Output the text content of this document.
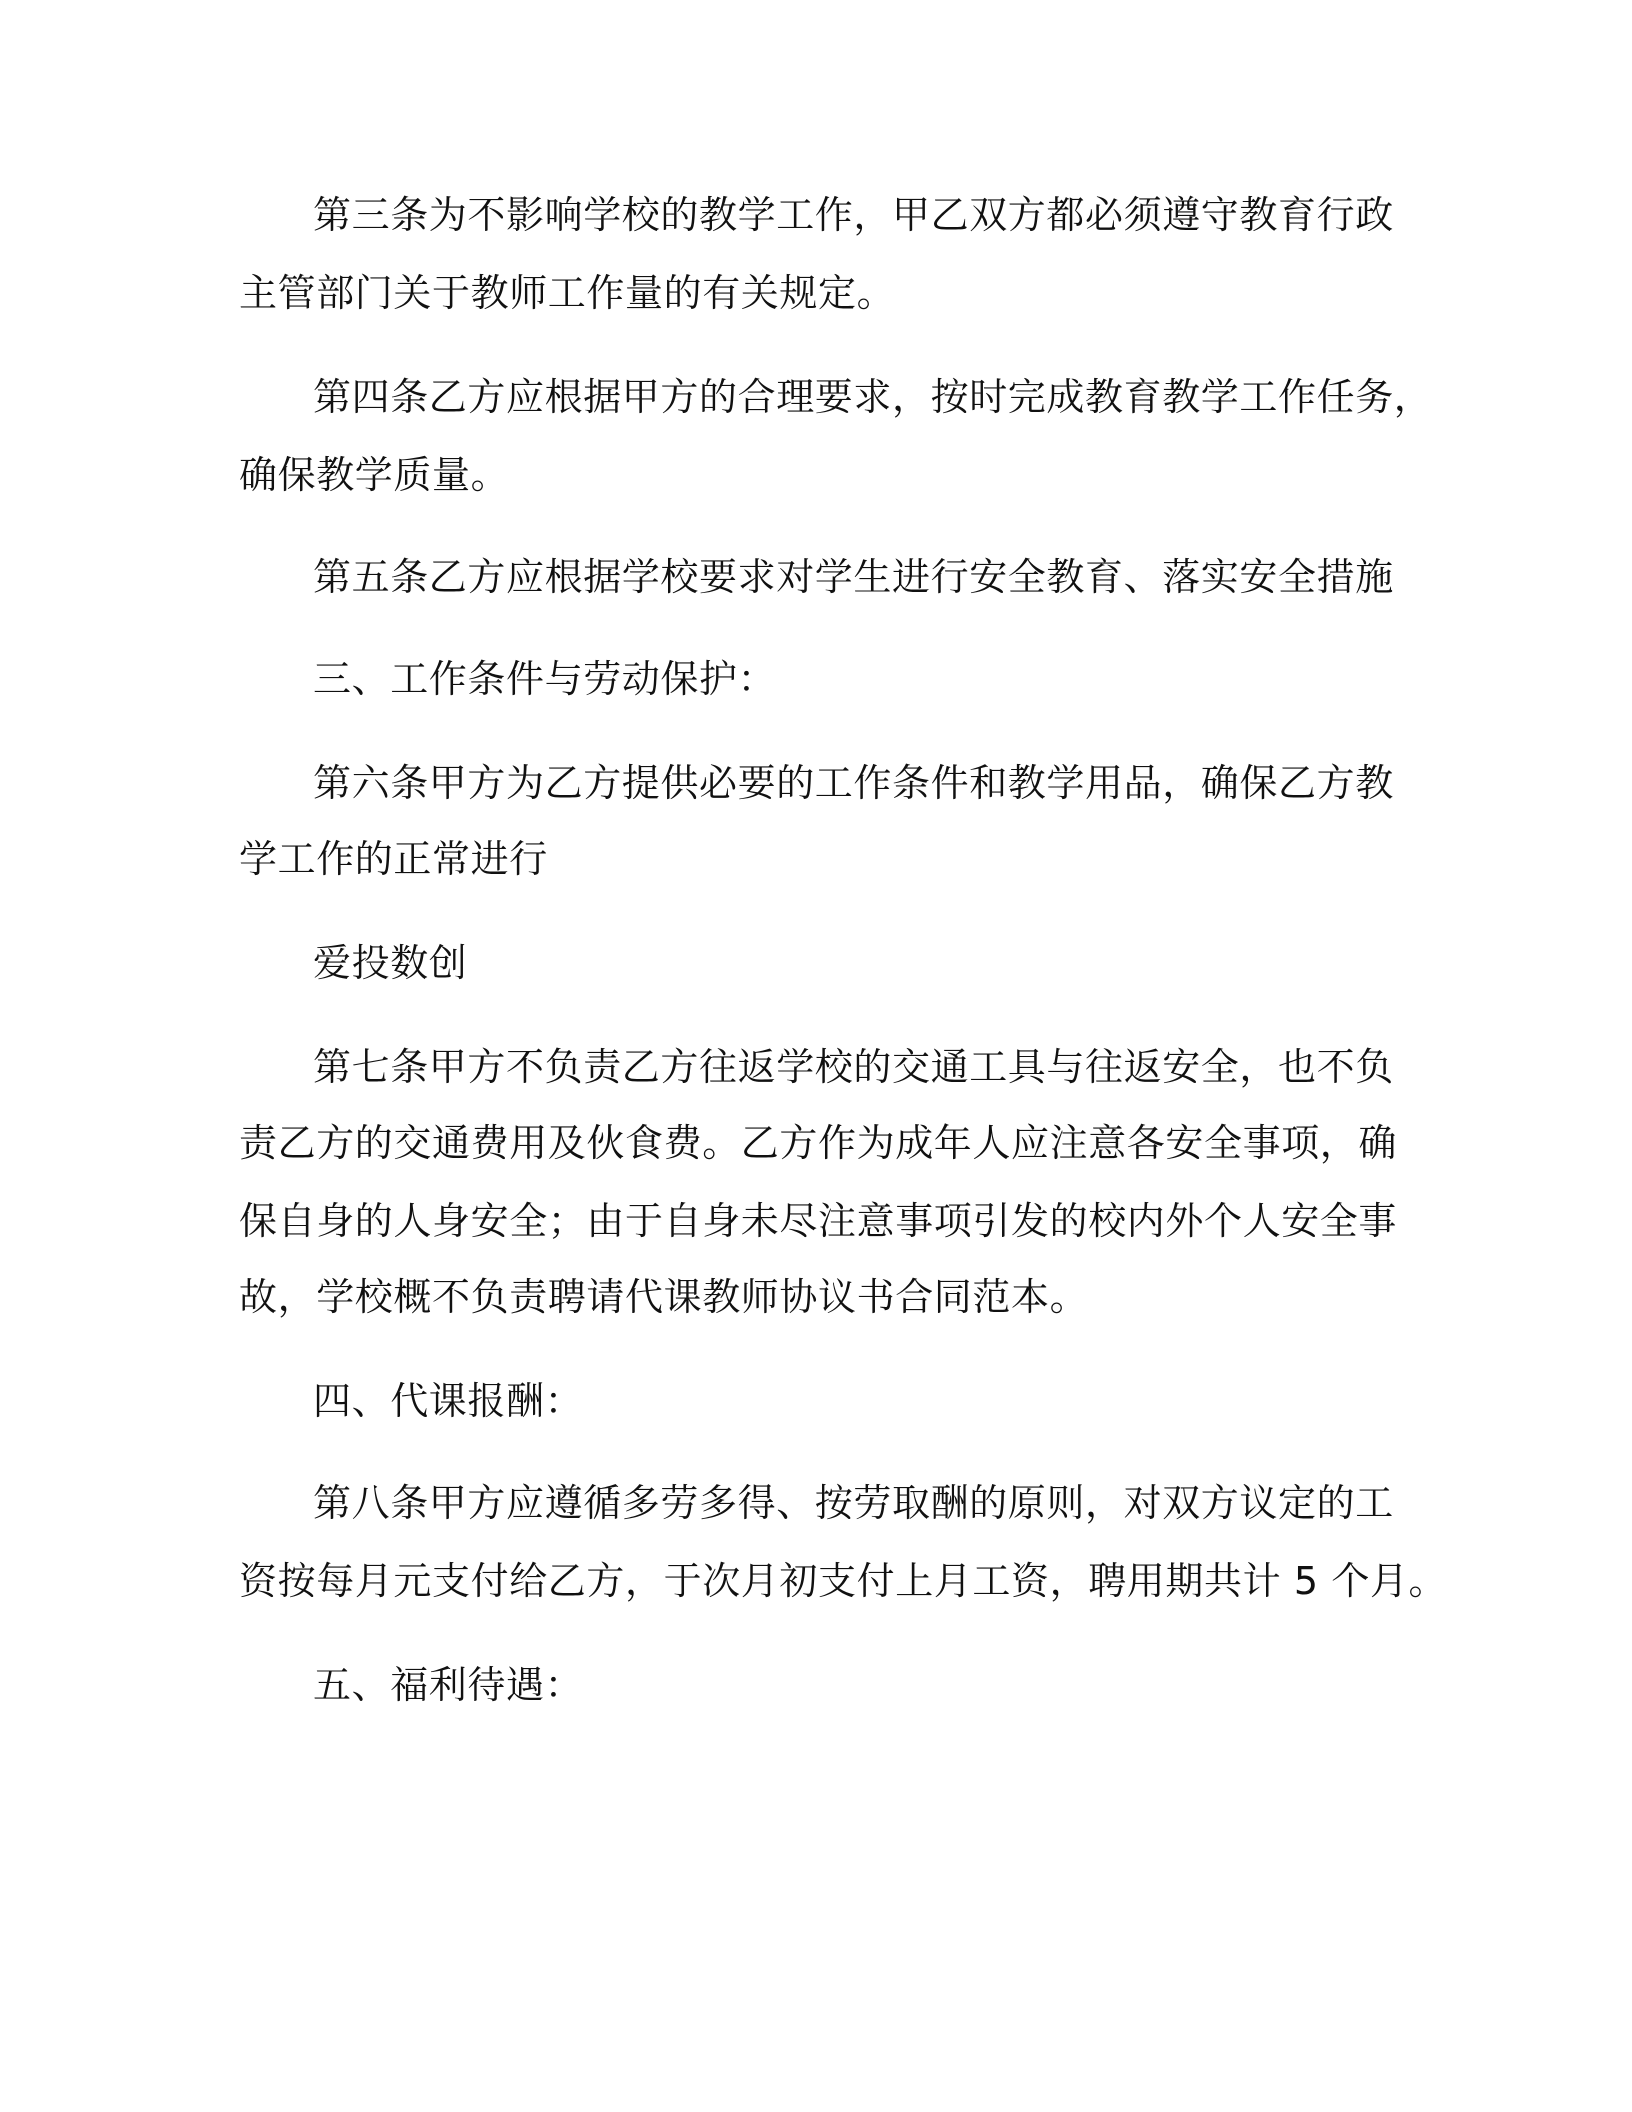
第三条为不影响学校的教学工作，甲乙双方都必须遵守教育行政
主管部门关于教师工作量的有关规定。
第四条乙方应根据甲方的合理要求，按时完成教育教学工作任务，
确保教学质量。
第五条乙方应根据学校要求对学生进行安全教育、落实安全措施
三、工作条件与劳动保护：
第六条甲方为乙方提供必要的工作条件和教学用品，确保乙方教
学工作的正常进行
爱投数创
第七条甲方不负责乙方往返学校的交通工具与往返安全，也不负
责乙方的交通费用及伙食费。乙方作为成年人应注意各安全事项，确
保自身的人身安全；由于自身未尽注意事项引发的校内外个人安全事
故，学校概不负责聘请代课教师协议书合同范本。
四、代课报酬：
第八条甲方应遵循多劳多得、按劳取酬的原则，对双方议定的工
资按每月元支付给乙方，于次月初支付上月工资，聘用期共计 5 个月。
五、福利待遇：
